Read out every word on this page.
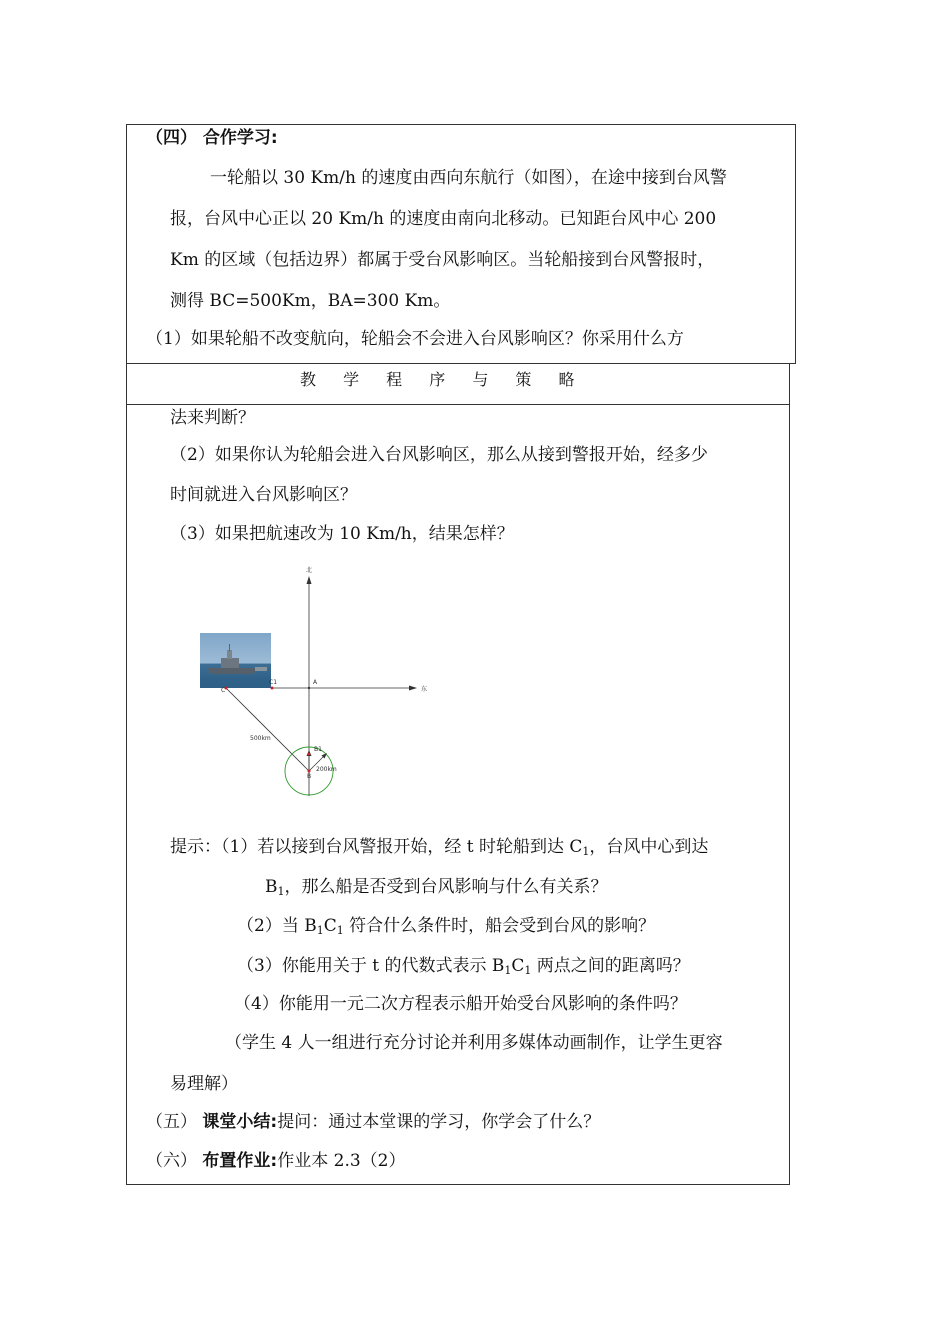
（四） 合作学习:
一轮船以 30 Km/h 的速度由西向东航行（如图），在途中接到台风警
报，台风中心正以 20 Km/h 的速度由南向北移动。已知距台风中心 200
Km 的区域（包括边界）都属于受台风影响区。当轮船接到台风警报时，
测得 BC=500Km，BA=300 Km。
（1）如果轮船不改变航向，轮船会不会进入台风影响区？你采用什么方
教 学 程 序 与 策 略
法来判断？
（2）如果你认为轮船会进入台风影响区，那么从接到警报开始，经多少
时间就进入台风影响区？
（3）如果把航速改为 10 Km/h，结果怎样？
北
东
C1	A
C
B1
B
500km
200km
提示：（1）若以接到台风警报开始，经 t 时轮船到达 $C_1$，台风中心到达
$B_1$，那么船是否受到台风影响与什么有关系？
（2）当 $B_1C_1$ 符合什么条件时，船会受到台风的影响？
（3）你能用关于 t 的代数式表示 $B_1C_1$ 两点之间的距离吗？
（4）你能用一元二次方程表示船开始受台风影响的条件吗？
（学生 4 人一组进行充分讨论并利用多媒体动画制作，让学生更容
易理解）
（五） 课堂小结:提问：通过本堂课的学习，你学会了什么？
（六） 布置作业:作业本 2.3（2）
